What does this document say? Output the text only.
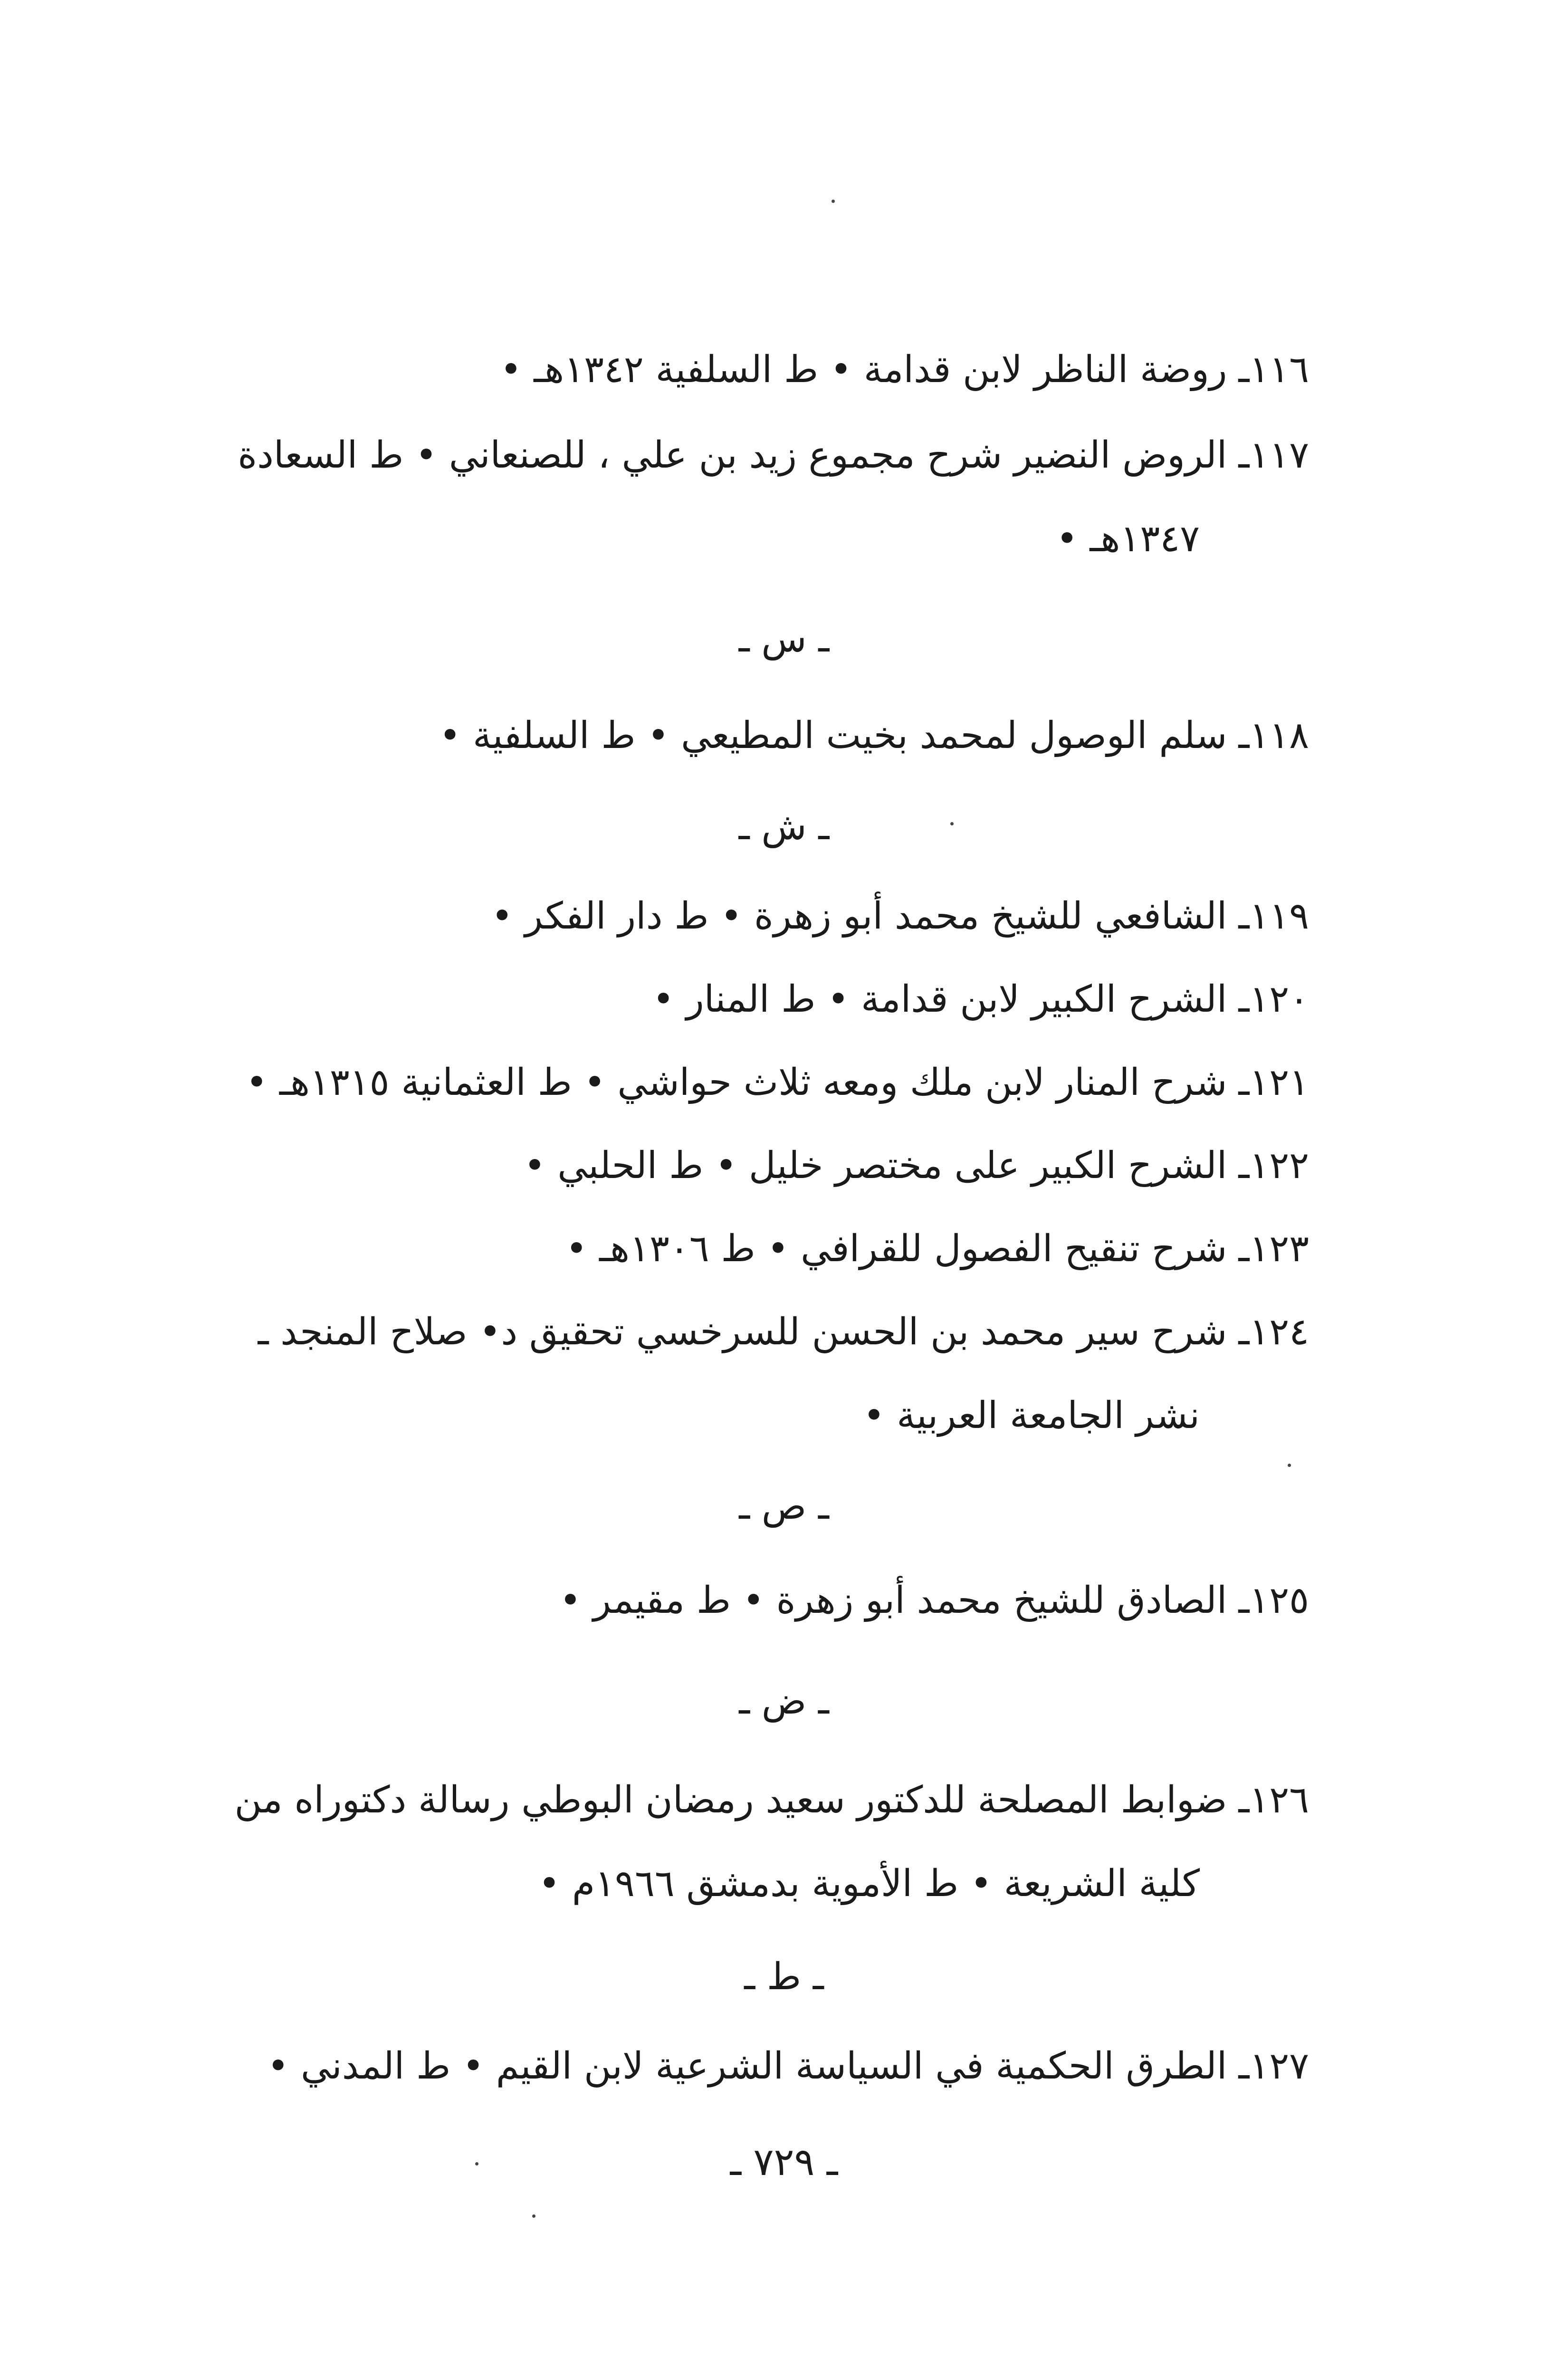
١١٦ـروضة الناظر لابن قدامة • ط السلفية ١٣٤٢هـ •
١١٧ـالروض النضير شرح مجموع زيد بن علي ، للصنعاني • ط السعادة
١٣٤٧هـ •
ـ س ـ
١١٨ـسلم الوصول لمحمد بخيت المطيعي • ط السلفية •
ـ ش ـ
١١٩ـالشافعي للشيخ محمد أبو زهرة • ط دار الفكر •
١٢٠ـالشرح الكبير لابن قدامة • ط المنار •
١٢١ـشرح المنار لابن ملك ومعه ثلاث حواشي • ط العثمانية ١٣١٥هـ •
١٢٢ـالشرح الكبير على مختصر خليل • ط الحلبي •
١٢٣ـشرح تنقيح الفصول للقرافي • ط ١٣٠٦هـ •
١٢٤ـشرح سير محمد بن الحسن للسرخسي تحقيق د• صلاح المنجد ـ
نشر الجامعة العربية •
ـ ص ـ
١٢٥ـالصادق للشيخ محمد أبو زهرة • ط مقيمر •
ـ ض ـ
١٢٦ـضوابط المصلحة للدكتور سعيد رمضان البوطي رسالة دكتوراه من
كلية الشريعة • ط الأموية بدمشق ١٩٦٦م •
ـ ط ـ
١٢٧ـالطرق الحكمية في السياسة الشرعية لابن القيم • ط المدني •
ـ ٧٢٩ ـ
